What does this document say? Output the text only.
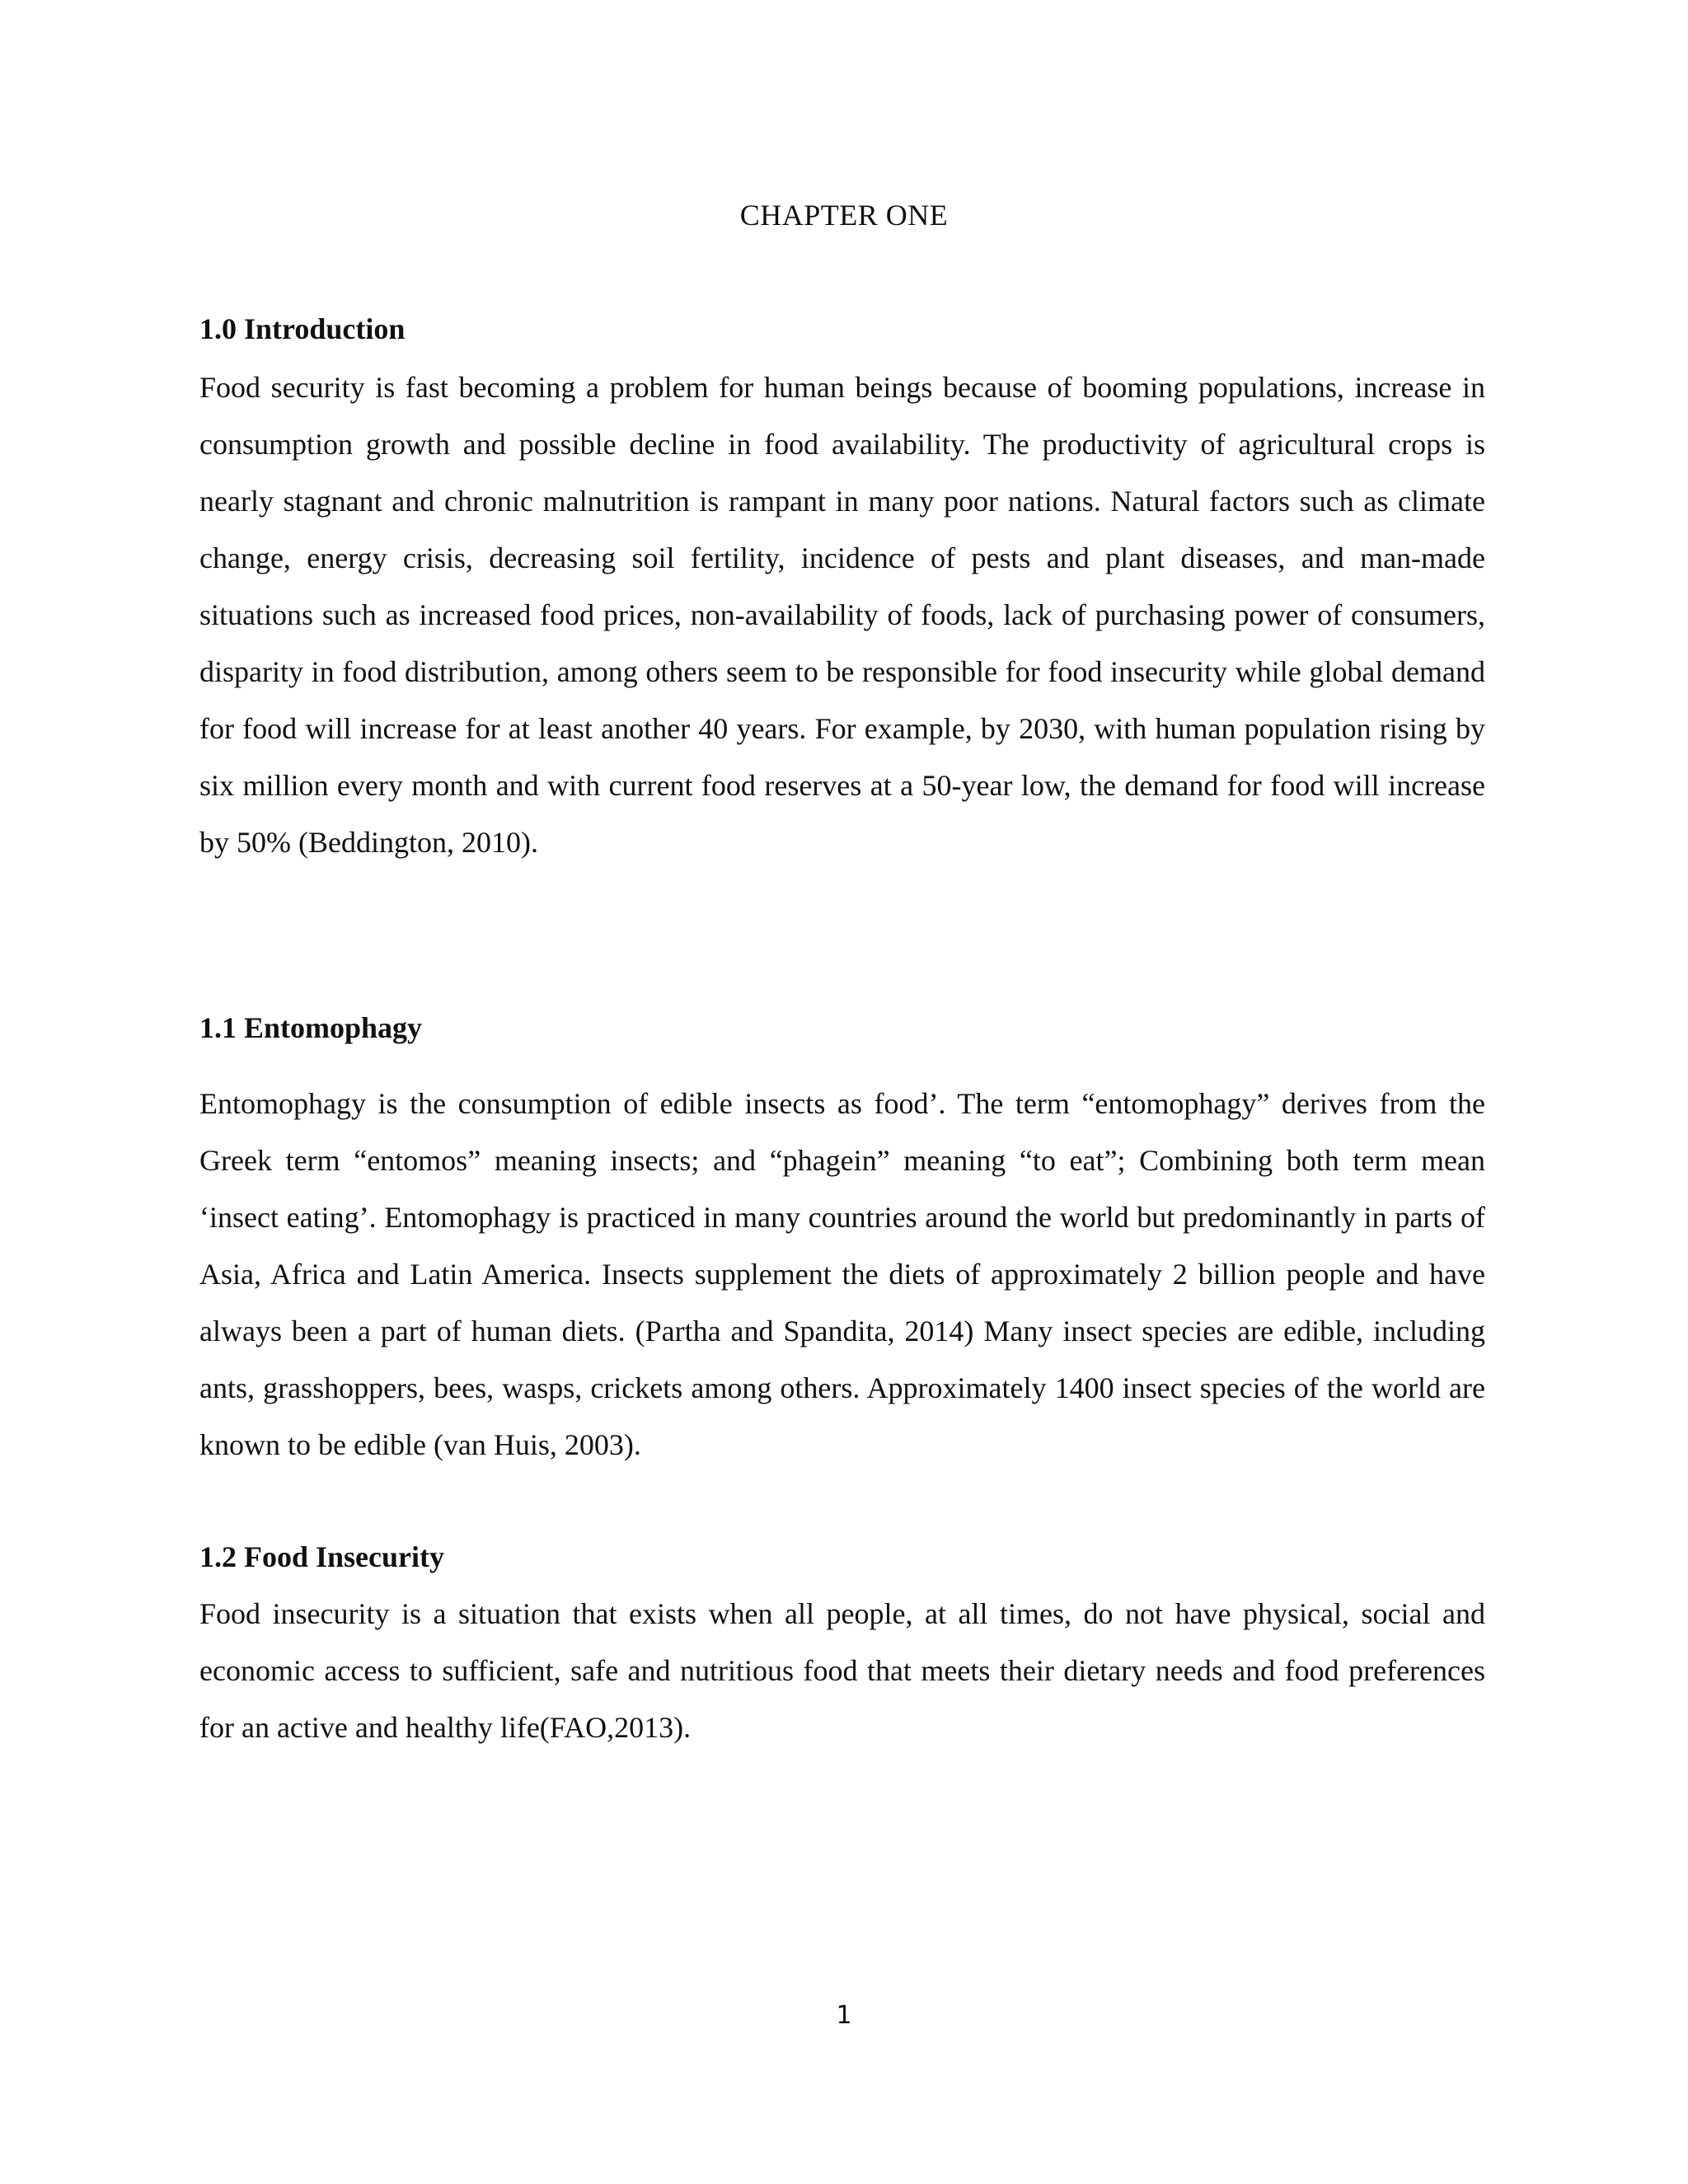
CHAPTER ONE
1.0 Introduction

Food security is fast becoming a problem for human beings because of booming populations, increase in consumption growth and possible decline in food availability. The productivity of agricultural crops is nearly stagnant and chronic malnutrition is rampant in many poor nations. Natural factors such as climate change, energy crisis, decreasing soil fertility, incidence of pests and plant diseases, and man-made situations such as increased food prices, non-availability of foods, lack of purchasing power of consumers, disparity in food distribution, among others seem to be responsible for food insecurity while global demand for food will increase for at least another 40 years. For example, by 2030, with human population rising by six million every month and with current food reserves at a 50-year low, the demand for food will increase by 50% (Beddington, 2010).

1.1 Entomophagy

Entomophagy is the consumption of edible insects as food’. The term “entomophagy” derives from the Greek term “entomos” meaning insects; and “phagein” meaning “to eat”; Combining both term mean ‘insect eating’. Entomophagy is practiced in many countries around the world but predominantly in parts of Asia, Africa and Latin America. Insects supplement the diets of approximately 2 billion people and have always been a part of human diets. (Partha and Spandita, 2014) Many insect species are edible, including ants, grasshoppers, bees, wasps, crickets among others. Approximately 1400 insect species of the world are known to be edible (van Huis, 2003).

1.2 Food Insecurity

Food insecurity is a situation that exists when all people, at all times, do not have physical, social and economic access to sufficient, safe and nutritious food that meets their dietary needs and food preferences for an active and healthy life(FAO,2013).

1
